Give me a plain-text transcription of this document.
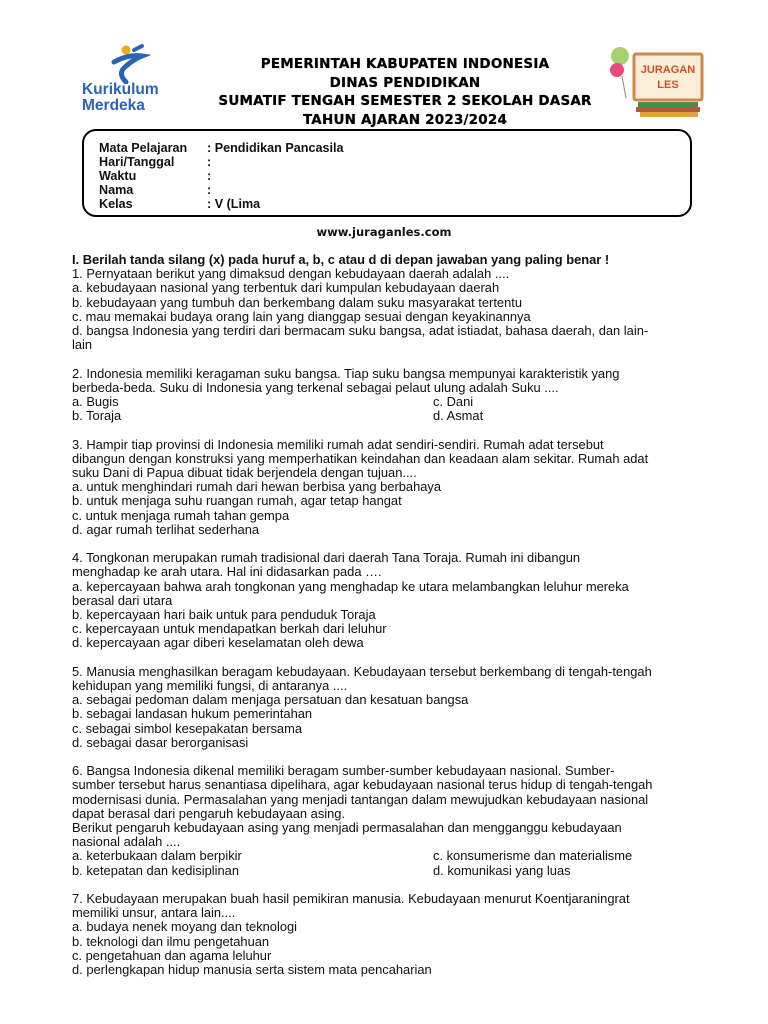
Kurikulum
Merdeka
JURAGAN
LES
PEMERINTAH KABUPATEN INDONESIA
DINAS PENDIDIKAN
SUMATIF TENGAH SEMESTER 2 SEKOLAH DASAR
TAHUN AJARAN 2023/2024
Mata Pelajaran : Pendidikan Pancasila
Hari/Tanggal	:
Waktu	:
Nama	:
Kelas	: V (Lima
www.juraganles.com
I. Berilah tanda silang (x) pada huruf a, b, c atau d di depan jawaban yang paling benar !
1. Pernyataan berikut yang dimaksud dengan kebudayaan daerah adalah ....
a. kebudayaan nasional yang terbentuk dari kumpulan kebudayaan daerah
b. kebudayaan yang tumbuh dan berkembang dalam suku masyarakat tertentu
c. mau memakai budaya orang lain yang dianggap sesuai dengan keyakinannya
d. bangsa Indonesia yang terdiri dari bermacam suku bangsa, adat istiadat, bahasa daerah, dan lain-
lain
2. Indonesia memiliki keragaman suku bangsa. Tiap suku bangsa mempunyai karakteristik yang
berbeda-beda. Suku di Indonesia yang terkenal sebagai pelaut ulung adalah Suku ....
a. Bugis	c. Dani
b. Toraja	d. Asmat
3. Hampir tiap provinsi di Indonesia memiliki rumah adat sendiri-sendiri. Rumah adat tersebut
dibangun dengan konstruksi yang memperhatikan keindahan dan keadaan alam sekitar. Rumah adat
suku Dani di Papua dibuat tidak berjendela dengan tujuan....
a. untuk menghindari rumah dari hewan berbisa yang berbahaya
b. untuk menjaga suhu ruangan rumah, agar tetap hangat
c. untuk menjaga rumah tahan gempa
d. agar rumah terlihat sederhana
4. Tongkonan merupakan rumah tradisional dari daerah Tana Toraja. Rumah ini dibangun
menghadap ke arah utara. Hal ini didasarkan pada ….
a. kepercayaan bahwa arah tongkonan yang menghadap ke utara melambangkan leluhur mereka
berasal dari utara
b. kepercayaan hari baik untuk para penduduk Toraja
c. kepercayaan untuk mendapatkan berkah dari leluhur
d. kepercayaan agar diberi keselamatan oleh dewa
5. Manusia menghasilkan beragam kebudayaan. Kebudayaan tersebut berkembang di tengah-tengah
kehidupan yang memiliki fungsi, di antaranya ....
a. sebagai pedoman dalam menjaga persatuan dan kesatuan bangsa
b. sebagai landasan hukum pemerintahan
c. sebagai simbol kesepakatan bersama
d. sebagai dasar berorganisasi
6. Bangsa Indonesia dikenal memiliki beragam sumber-sumber kebudayaan nasional. Sumber-
sumber tersebut harus senantiasa dipelihara, agar kebudayaan nasional terus hidup di tengah-tengah
modernisasi dunia. Permasalahan yang menjadi tantangan dalam mewujudkan kebudayaan nasional
dapat berasal dari pengaruh kebudayaan asing.
Berikut pengaruh kebudayaan asing yang menjadi permasalahan dan mengganggu kebudayaan
nasional adalah ....
a. keterbukaan dalam berpikir	c. konsumerisme dan materialisme
b. ketepatan dan kedisiplinan	d. komunikasi yang luas
7. Kebudayaan merupakan buah hasil pemikiran manusia. Kebudayaan menurut Koentjaraningrat
memiliki unsur, antara lain....
a. budaya nenek moyang dan teknologi
b. teknologi dan ilmu pengetahuan
c. pengetahuan dan agama leluhur
d. perlengkapan hidup manusia serta sistem mata pencaharian
